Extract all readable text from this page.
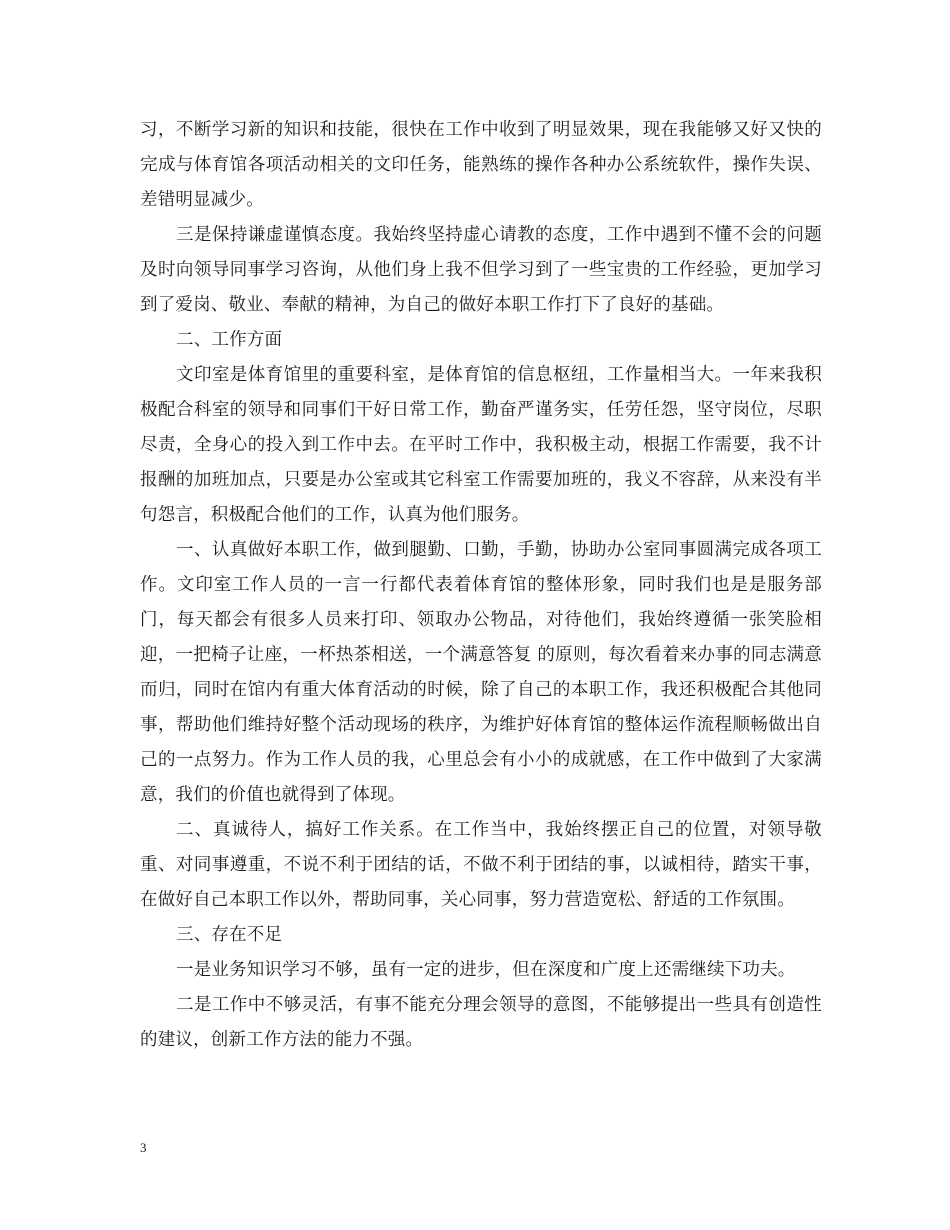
习，不断学习新的知识和技能，很快在工作中收到了明显效果，现在我能够又好又快的完成与体育馆各项活动相关的文印任务，能熟练的操作各种办公系统软件，操作失误、差错明显减少。

三是保持谦虚谨慎态度。我始终坚持虚心请教的态度，工作中遇到不懂不会的问题及时向领导同事学习咨询，从他们身上我不但学习到了一些宝贵的工作经验，更加学习到了爱岗、敬业、奉献的精神，为自己的做好本职工作打下了良好的基础。

二、工作方面

文印室是体育馆里的重要科室，是体育馆的信息枢纽，工作量相当大。一年来我积极配合科室的领导和同事们干好日常工作，勤奋严谨务实，任劳任怨，坚守岗位，尽职尽责，全身心的投入到工作中去。在平时工作中，我积极主动，根据工作需要，我不计报酬的加班加点，只要是办公室或其它科室工作需要加班的，我义不容辞，从来没有半句怨言，积极配合他们的工作，认真为他们服务。

一、认真做好本职工作，做到腿勤、口勤，手勤，协助办公室同事圆满完成各项工作。文印室工作人员的一言一行都代表着体育馆的整体形象，同时我们也是是服务部门，每天都会有很多人员来打印、领取办公物品，对待他们，我始终遵循一张笑脸相迎，一把椅子让座，一杯热茶相送，一个满意答复 的原则，每次看着来办事的同志满意而归，同时在馆内有重大体育活动的时候，除了自己的本职工作，我还积极配合其他同事，帮助他们维持好整个活动现场的秩序，为维护好体育馆的整体运作流程顺畅做出自己的一点努力。作为工作人员的我，心里总会有小小的成就感，在工作中做到了大家满意，我们的价值也就得到了体现。

二、真诚待人，搞好工作关系。在工作当中，我始终摆正自己的位置，对领导敬重、对同事遵重，不说不利于团结的话，不做不利于团结的事，以诚相待，踏实干事，在做好自己本职工作以外，帮助同事，关心同事，努力营造宽松、舒适的工作氛围。

三、存在不足

一是业务知识学习不够，虽有一定的进步，但在深度和广度上还需继续下功夫。

二是工作中不够灵活，有事不能充分理会领导的意图，不能够提出一些具有创造性的建议，创新工作方法的能力不强。

3
